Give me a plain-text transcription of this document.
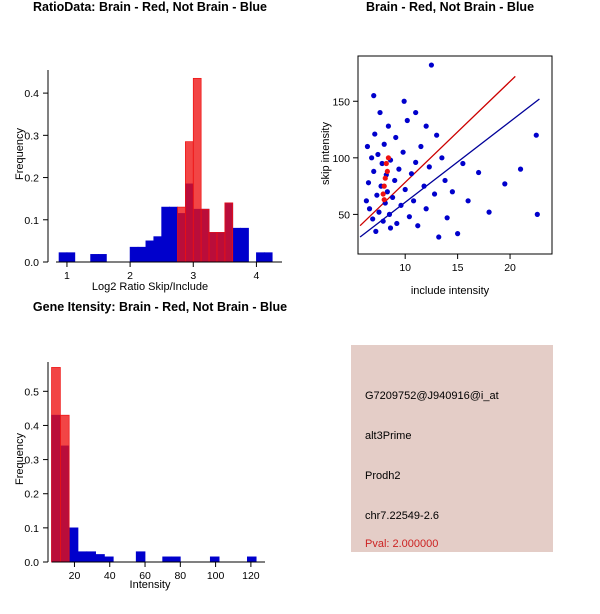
RatioData: Brain - Red, Not Brain - Blue
1	2	3	4
0.0
0.1
0.2
0.3
0.4
Log2 Ratio Skip/Include
Frequency
Brain - Red, Not Brain - Blue
10	15	20
50
100
150
include intensity
skip intensity
Gene Itensity: Brain - Red, Not Brain - Blue
20 40 60 80 100 120
0.0
0.1
0.2
0.3
0.4
0.5
Intensity
Frequency
G7209752@J940916@i_at
alt3Prime
Prodh2
chr7.22549-2.6
Pval: 2.000000
